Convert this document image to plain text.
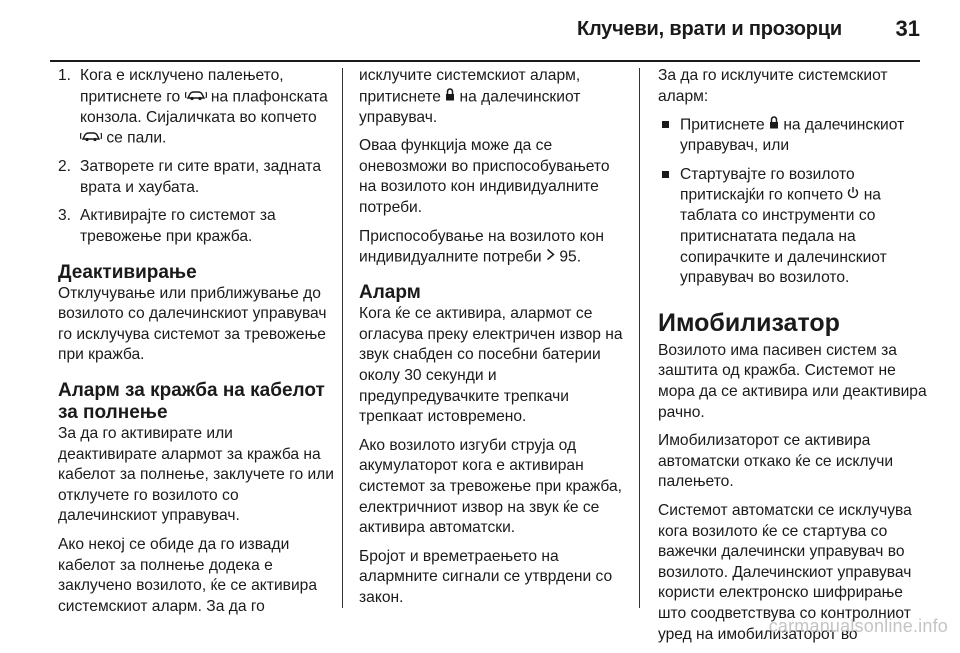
Клучеви, врати и прозорци 31
1. Кога е исклучено палењето, притиснете го  на плафонската конзола. Сијаличката во копчето  се пали.
2. Затворете ги сите врати, задната врата и хаубата.
3. Активирајте го системот за тревожење при кражба.
Деактивирање

Отклучување или приближување до возилото со далечинскиот управувач го исклучува системот за тревожење при кражба.

Аларм за кражба на кабелот за полнење

За да го активирате или деактивирате алармот за кражба на кабелот за полнење, заклучете го или отклучете го возилото со далечинскиот управувач.

Ако некој се обиде да го извади кабелот за полнење додека е заклучено возилото, ќе се активира системскиот аларм. За да го

исклучите системскиот аларм, притиснете  на далечинскиот управувач.

Оваа функција може да се оневозможи во приспособувањето на возилото кон индивидуалните потреби.

Приспособување на возилото кон индивидуалните потреби  95.

Аларм

Кога ќе се активира, алармот се огласува преку електричен извор на звук снабден со посебни батерии околу 30 секунди и предупредувачките трепкачи трепкаат истовремено.

Ако возилото изгуби струја од акумулаторот кога е активиран системот за тревожење при кражба, електричниот извор на звук ќе се активира автоматски.

Бројот и времетраењето на алармните сигнали се утврдени со закон.

За да го исклучите системскиот аларм:

Притиснете  на далечинскиот управувач, или
Стартувајте го возилото притискајќи го копчето  на таблата со инструменти со притиснатата педала на сопирачките и далечинскиот управувач во возилото.
Имобилизатор

Возилото има пасивен систем за заштита од кражба. Системот не мора да се активира или деактивира рачно.

Имобилизаторот се активира автоматски откако ќе се исклучи палењето.

Системот автоматски се исклучува кога возилото ќе се стартува со важечки далечински управувач во возилото. Далечинскиот управувач користи електронско шифрирање што соодветствува со контролниот уред на имобилизаторот во

carmanualsonline.info
